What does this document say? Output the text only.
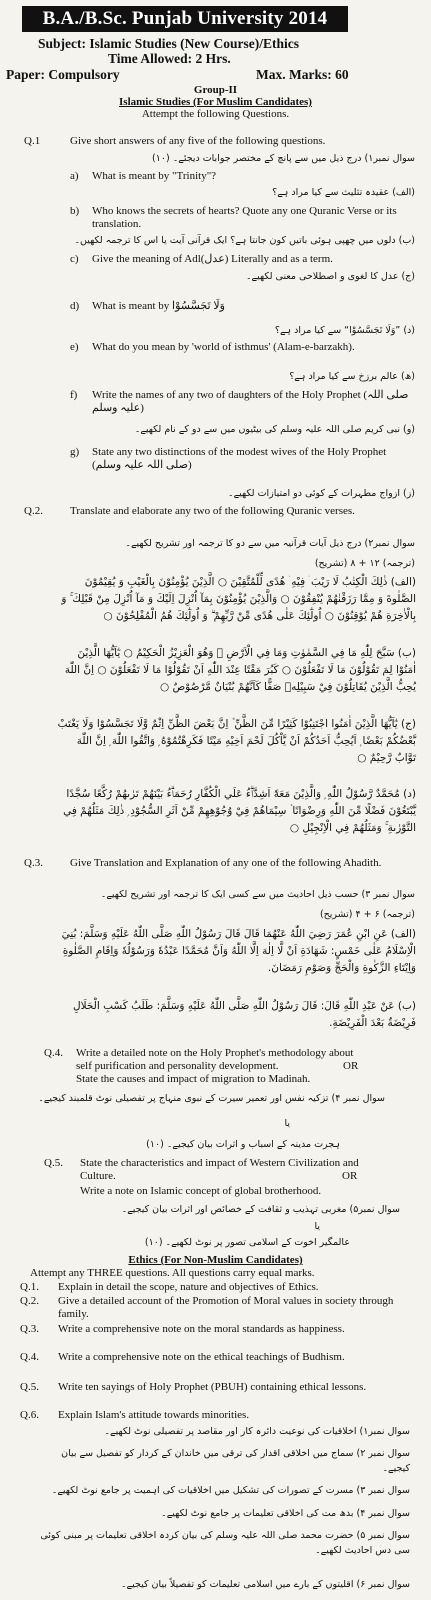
B.A./B.Sc. Punjab University 2014
Subject: Islamic Studies (New Course)/Ethics
Time Allowed: 2 Hrs.
Paper: Compulsory	Max. Marks: 60
Group-II
Islamic Studies (For Muslim Candidates)
Attempt the following Questions.
Q.1	Give short answers of any five of the following questions.
سوال نمبر۱) درج ذیل میں سے پانچ کے مختصر جوابات دیجئے۔ (۱۰)
a) What is meant by "Trinity"?
(الف) عقیدہ تثلیث سے کیا مراد ہے؟
b) Who knows the secrets of hearts? Quote any one Quranic Verse or its translation.
(ب) دلوں میں چھپی ہوئی باتیں کون جانتا ہے؟ ایک قرآنی آیت یا اس کا ترجمہ لکھیں۔
c) Give the meaning of Adl(عدل) Literally and as a term.
(ج) عدل کا لغوی و اصطلاحی معنی لکھیے۔
d) What is meant by وَلَا تَجَسَّسُوْا
(د) ”وَلَا تَجَسَّسُوْا“ سے کیا مراد ہے؟
e) What do you mean by 'world of isthmus' (Alam-e-barzakh).
(ھ) عالم برزخ سے کیا مراد ہے؟
f) Write the names of any two of daughters of the Holy Prophet (صلی اللہ علیہ وسلم)
(و) نبی کریم صلی اللہ علیہ وسلم کی بیٹیوں میں سے دو کے نام لکھیے۔
g) State any two distinctions of the modest wives of the Holy Prophet (صلی اللہ علیہ وسلم)
(ز) ازواج مطہرات کے کوئی دو امتیازات لکھیے۔
Q.2. Translate and elaborate any two of the following Quranic verses.
سوال نمبر۲) درج ذیل آیات قرآنیہ میں سے دو کا ترجمہ اور تشریح لکھیے۔
(ترجمہ) ۱۲ + ۸ (تشریح)
(الف) ذٰلِكَ الْكِتٰبُ لَا رَيْبَ ۛ فِيْهِ ۛ هُدًى لِّلْمُتَّقِيْنَ ○ الَّذِيْنَ يُؤْمِنُوْنَ بِالْغَيْبِ وَ يُقِيْمُوْنَ الصَّلٰوةَ وَ مِمَّا رَزَقْنٰهُمْ يُنْفِقُوْنَ ○ وَالَّذِيْنَ يُؤْمِنُوْنَ بِمَآ اُنْزِلَ اِلَيْكَ وَ مَآ اُنْزِلَ مِنْ قَبْلِكَ ۚ وَ بِالْاٰخِرَةِ هُمْ يُوْقِنُوْنَ ○ اُولٰٓئِكَ عَلٰى هُدًى مِّنْ رَّبِّهِمْ ۗ وَ اُولٰٓئِكَ هُمُ الْمُفْلِحُوْنَ ○
(ب) سَبَّحَ لِلّٰهِ مَا فِي السَّمٰوٰتِ وَمَا فِي الْاَرْضِ ۚ وَهُوَ الْعَزِيْزُ الْحَكِيْمُ ○ يٰٓاَيُّهَا الَّذِيْنَ اٰمَنُوْا لِمَ تَقُوْلُوْنَ مَا لَا تَفْعَلُوْنَ ○ كَبُرَ مَقْتًا عِنْدَ اللّٰهِ اَنْ تَقُوْلُوْا مَا لَا تَفْعَلُوْنَ ○ اِنَّ اللّٰهَ يُحِبُّ الَّذِيْنَ يُقَاتِلُوْنَ فِيْ سَبِيْلِهٖ صَفًّا كَاَنَّهُمْ بُنْيَانٌ مَّرْصُوْصٌ ○
(ج) يٰٓاَيُّهَا الَّذِيْنَ اٰمَنُوا اجْتَنِبُوْا كَثِيْرًا مِّنَ الظَّنِّ ۫ اِنَّ بَعْضَ الظَّنِّ اِثْمٌ وَّلَا تَجَسَّسُوْا وَلَا يَغْتَبْ بَّعْضُكُمْ بَعْضًا ۭ اَيُحِبُّ اَحَدُكُمْ اَنْ يَّاْكُلَ لَحْمَ اَخِيْهِ مَيْتًا فَكَرِهْتُمُوْهُ ۭ وَاتَّقُوا اللّٰهَ ۭ اِنَّ اللّٰهَ تَوَّابٌ رَّحِيْمٌ ○
(د) مُحَمَّدٌ رَّسُوْلُ اللّٰهِ ۭ وَالَّذِيْنَ مَعَهٗٓ اَشِدَّاۗءُ عَلَي الْكُفَّارِ رُحَمَاۗءُ بَيْنَهُمْ تَرٰىهُمْ رُكَّعًا سُجَّدًا يَّبْتَغُوْنَ فَضْلًا مِّنَ اللّٰهِ وَرِضْوَانًا ۡ سِيْمَاهُمْ فِيْ وُجُوْهِهِمْ مِّنْ اَثَرِ السُّجُوْدِ ۭ ذٰلِكَ مَثَلُهُمْ فِي التَّوْرٰىةِ ۚ وَمَثَلُهُمْ فِي الْاِنْجِيْلِ ○
Q.3. Give Translation and Explanation of any one of the following Ahadith.
سوال نمبر ۳) حسب ذیل احادیث میں سے کسی ایک کا ترجمہ اور تشریح لکھیے۔
(ترجمہ) ۶ + ۴ (تشریح)
(الف) عَنِ ابْنِ عُمَرَ رَضِيَ اللّٰهُ عَنْهُمَا قَالَ قَالَ رَسُوْلُ اللّٰهِ صَلَّى اللّٰهُ عَلَيْهِ وَسَلَّمَ: بُنِيَ الْاِسْلَامُ عَلٰى خَمْسٍ: شَهَادَةِ اَنْ لَّا اِلٰهَ اِلَّا اللّٰهُ وَاَنَّ مُحَمَّدًا عَبْدُهٗ وَرَسُوْلُهٗ وَاِقَامِ الصَّلٰوةِ وَاِيْتَاءِ الزَّكٰوةِ وَالْحَجِّ وَصَوْمِ رَمَضَانَ.
(ب) عَنْ عَبْدِ اللّٰهِ قَالَ: قَالَ رَسُوْلُ اللّٰهِ صَلَّى اللّٰهُ عَلَيْهِ وَسَلَّمَ: طَلَبُ كَسْبِ الْحَلَالِ فَرِيْضَةٌ بَعْدَ الْفَرِيْضَةِ.
Q.4. Write a detailed note on the Holy Prophet's methodology about self purification and personality development.	OR
State the causes and impact of migration to Madinah.
سوال نمبر ۴) تزکیہ نفس اور تعمیر سیرت کے نبوی منہاج پر تفصیلی نوٹ قلمبند کیجیے۔
یا
ہجرت مدینہ کے اسباب و اثرات بیان کیجیے۔ (۱۰)
Q.5. State the characteristics and impact of Western Civilization and Culture.	OR
Write a note on Islamic concept of global brotherhood.
سوال نمبر۵) مغربی تہذیب و ثقافت کے خصائص اور اثرات بیان کیجیے۔
یا
عالمگیر اخوت کے اسلامی تصور پر نوٹ لکھیے۔ (۱۰)
Ethics (For Non-Muslim Candidates)
Attempt any THREE questions. All questions carry equal marks.
Q.1. Explain in detail the scope, nature and objectives of Ethics.
Q.2. Give a detailed account of the Promotion of Moral values in society through family.
Q.3. Write a comprehensive note on the moral standards as happiness.
Q.4. Write a comprehensive note on the ethical teachings of Budhism.
Q.5. Write ten sayings of Holy Prophet (PBUH) containing ethical lessons.
Q.6. Explain Islam's attitude towards minorities.
سوال نمبر۱) اخلاقیات کی نوعیت دائرہ کار اور مقاصد پر تفصیلی نوٹ لکھیے۔
سوال نمبر ۲) سماج میں اخلاقی اقدار کی ترقی میں خاندان کے کردار کو تفصیل سے بیان کیجیے۔
سوال نمبر ۳) مسرت کے تصورات کی تشکیل میں اخلاقیات کی اہمیت پر جامع نوٹ لکھیے۔
سوال نمبر ۴) بدھ مت کی اخلاقی تعلیمات پر جامع نوٹ لکھیے۔
سوال نمبر ۵) حضرت محمد صلی اللہ علیہ وسلم کی بیان کردہ اخلاقی تعلیمات پر مبنی کوئی سی دس احادیث لکھیے۔
سوال نمبر ۶) اقلیتوں کے بارے میں اسلامی تعلیمات کو تفصیلاً بیان کیجیے۔
